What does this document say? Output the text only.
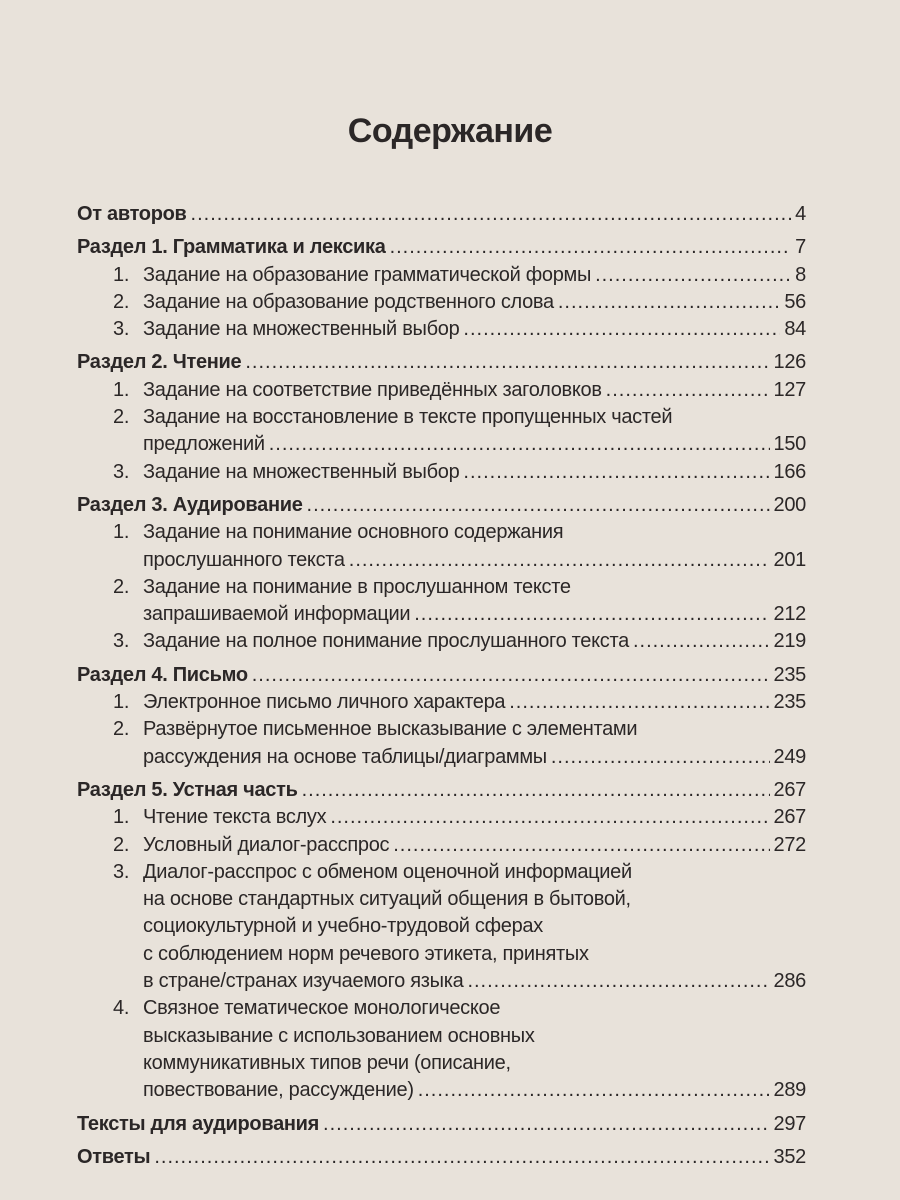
Содержание
От авторов .....	4
Раздел 1. Грамматика и лексика .....	7
1. Задание на образование грамматической формы .....	8
2. Задание на образование родственного слова .....	56
3. Задание на множественный выбор .....	84
Раздел 2. Чтение .....	126
1. Задание на соответствие приведённых заголовков .....	127
2. Задание на восстановление в тексте пропущенных частей
предложений .....	150
3. Задание на множественный выбор .....	166
Раздел 3. Аудирование .....	200
1. Задание на понимание основного содержания
прослушанного текста .....	201
2. Задание на понимание в прослушанном тексте
запрашиваемой информации .....	212
3. Задание на полное понимание прослушанного текста .....	219
Раздел 4. Письмо .....	235
1. Электронное письмо личного характера .....	235
2. Развёрнутое письменное высказывание с элементами
рассуждения на основе таблицы/диаграммы .....	249
Раздел 5. Устная часть .....	267
1. Чтение текста вслух .....	267
2. Условный диалог-расспрос .....	272
3. Диалог-расспрос с обменом оценочной информацией
на основе стандартных ситуаций общения в бытовой,
социокультурной и учебно-трудовой сферах
с соблюдением норм речевого этикета, принятых
в стране/странах изучаемого языка .....	286
4. Связное тематическое монологическое
высказывание с использованием основных
коммуникативных типов речи (описание,
повествование, рассуждение) .....	289
Тексты для аудирования .....	297
Ответы .....	352
